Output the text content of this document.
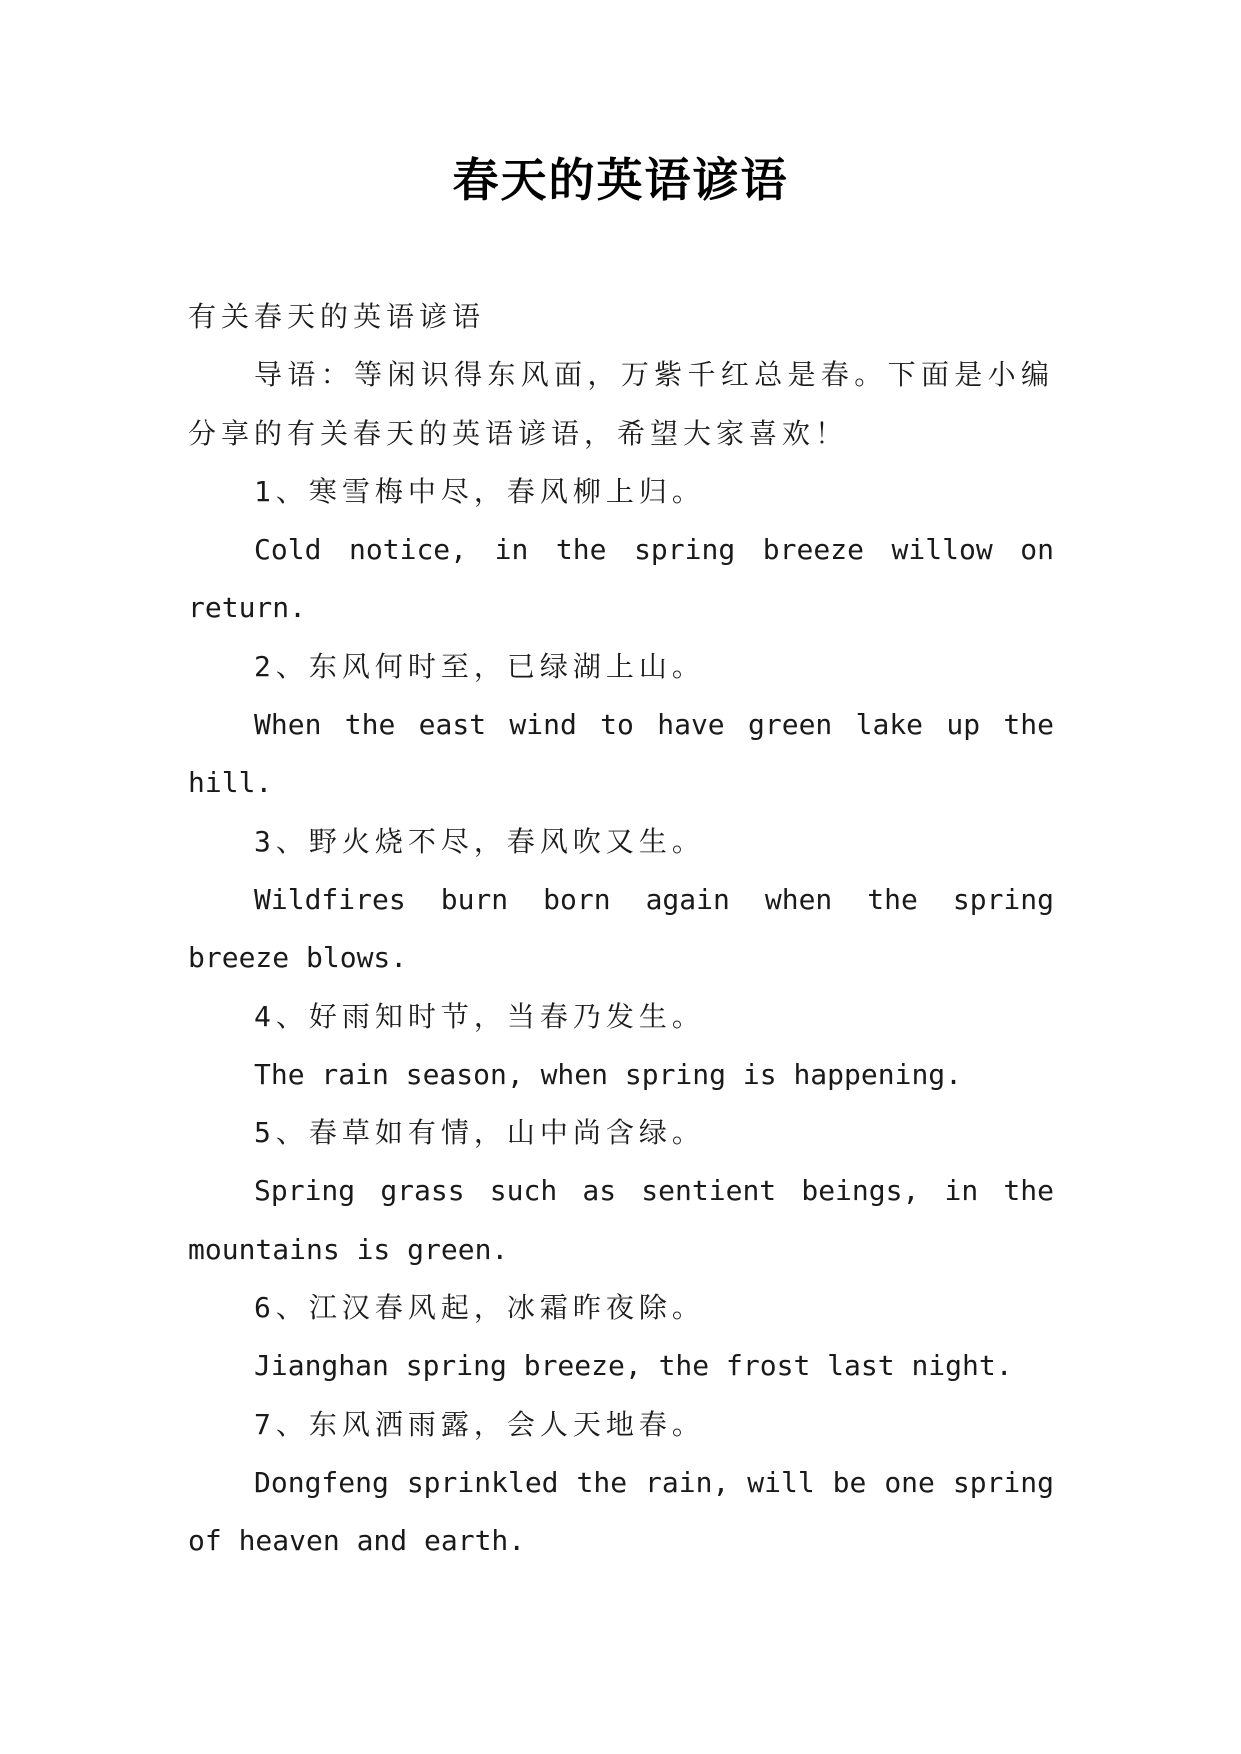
春天的英语谚语

有关春天的英语谚语

导语：等闲识得东风面，万紫千红总是春。下面是小编分享的有关春天的英语谚语，希望大家喜欢！

1、寒雪梅中尽，春风柳上归。

Cold notice, in the spring breeze willow on return.

2、东风何时至，已绿湖上山。

When the east wind to have green lake up the hill.

3、野火烧不尽，春风吹又生。

Wildfires burn born again when the spring breeze blows.

4、好雨知时节，当春乃发生。

The rain season, when spring is happening.

5、春草如有情，山中尚含绿。

Spring grass such as sentient beings, in the mountains is green.

6、江汉春风起，冰霜昨夜除。

Jianghan spring breeze, the frost last night.

7、东风洒雨露，会人天地春。

Dongfeng sprinkled the rain, will be one spring of heaven and earth.
